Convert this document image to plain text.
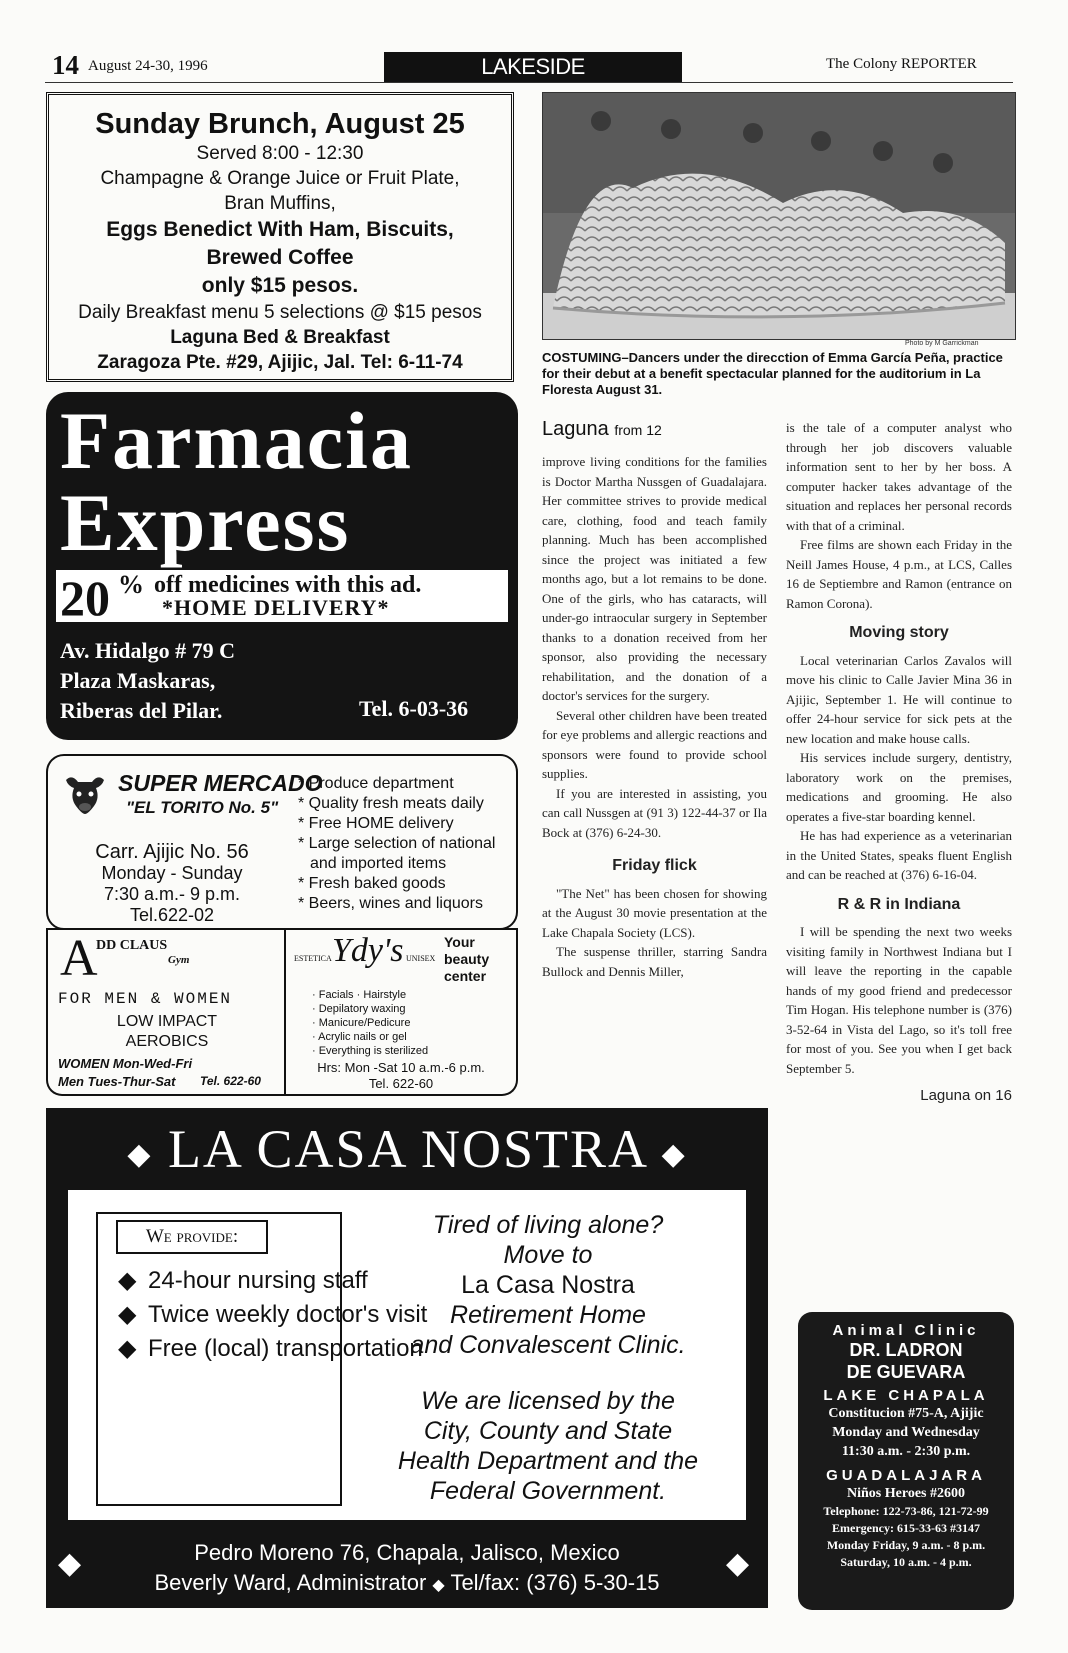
14 August 24-30, 1996	LAKESIDE	The Colony REPORTER
Sunday Brunch, August 25
Served 8:00 - 12:30
Champagne & Orange Juice or Fruit Plate,
Bran Muffins,
Eggs Benedict With Ham, Biscuits,
Brewed Coffee
only $15 pesos.
Daily Breakfast menu 5 selections @ $15 pesos
Laguna Bed & Breakfast
Zaragoza Pte. #29, Ajijic, Jal. Tel: 6-11-74
Farmacia
Express
20 % off medicines with this ad.
*HOME DELIVERY*
Av. Hidalgo # 79 C
Plaza Maskaras,
Riberas del Pilar.	Tel. 6-03-36
SUPER MERCADO
"EL TORITO No. 5"
Carr. Ajijic No. 56
Monday - Sunday
7:30 a.m.- 9 p.m.
Tel.622-02
* Produce department
* Quality fresh meats daily
* Free HOME delivery
* Large selection of national
and imported items
* Fresh baked goods
* Beers, wines and liquors
A
DD CLAUS
Gym
FOR MEN & WOMEN
LOW IMPACT
AEROBICS
WOMEN Mon-Wed-Fri
Men Tues-Thur-Sat Tel. 622-60
ESTETICA Ydy's UNISEX
Your
beauty
center
· Facials · Hairstyle
· Depilatory waxing
· Manicure/Pedicure
· Acrylic nails or gel
· Everything is sterilized
Hrs: Mon -Sat 10 a.m.-6 p.m.
Tel. 622-60
Photo by M Garrickman
COSTUMING–Dancers under the direcction of Emma García Peña, practice for their debut at a benefit spectacular planned for the auditorium in La Floresta August 31.
Laguna from 12

improve living conditions for the families is Doctor Martha Nussgen of Guadalajara. Her committee strives to provide medical care, clothing, food and teach family planning. Much has been accomplished since the project was initiated a few months ago, but a lot remains to be done. One of the girls, who has cataracts, will under-go intraocular surgery in September thanks to a donation received from her sponsor, also providing the necessary rehabilitation, and the donation of a doctor's services for the surgery.

Several other children have been treated for eye problems and allergic reactions and sponsors were found to provide school supplies.

If you are interested in assisting, you can call Nussgen at (91 3) 122-44-37 or Ila Bock at (376) 6-24-30.

Friday flick

"The Net" has been chosen for showing at the August 30 movie presentation at the Lake Chapala Society (LCS).

The suspense thriller, starring Sandra Bullock and Dennis Miller,

is the tale of a computer analyst who through her job discovers valuable information sent to her by her boss. A computer hacker takes advantage of the situation and replaces her personal records with that of a criminal.

Free films are shown each Friday in the Neill James House, 4 p.m., at LCS, Calles 16 de Septiembre and Ramon (entrance on Ramon Corona).

Moving story

Local veterinarian Carlos Zavalos will move his clinic to Calle Javier Mina 36 in Ajijic, September 1. He will continue to offer 24-hour service for sick pets at the new location and make house calls.

His services include surgery, dentistry, laboratory work on the premises, medications and grooming. He also operates a five-star boarding kennel.

He has had experience as a veterinarian in the United States, speaks fluent English and can be reached at (376) 6-16-04.

R & R in Indiana

I will be spending the next two weeks visiting family in Northwest Indiana but I will leave the reporting in the capable hands of my good friend and predecessor Tim Hogan. His telephone number is (376) 3-52-64 in Vista del Lago, so it's toll free for most of you. See you when I get back September 5.

Laguna on 16
◆ LA CASA NOSTRA ◆
We provide:
◆ 24-hour nursing staff
◆ Twice weekly doctor's visit
◆ Free (local) transportation
Tired of living alone?
Move to
La Casa Nostra
Retirement Home
and Convalescent Clinic.
We are licensed by the
City, County and State
Health Department and the
Federal Government.
◆	◆
Pedro Moreno 76, Chapala, Jalisco, Mexico
Beverly Ward, Administrator ◆ Tel/fax: (376) 5-30-15
Animal Clinic
DR. LADRON
DE GUEVARA
LAKE CHAPALA
Constitucion #75-A, Ajijic
Monday and Wednesday
11:30 a.m. - 2:30 p.m.
GUADALAJARA
Niños Heroes #2600
Telephone: 122-73-86, 121-72-99
Emergency: 615-33-63 #3147
Monday Friday, 9 a.m. - 8 p.m.
Saturday, 10 a.m. - 4 p.m.
